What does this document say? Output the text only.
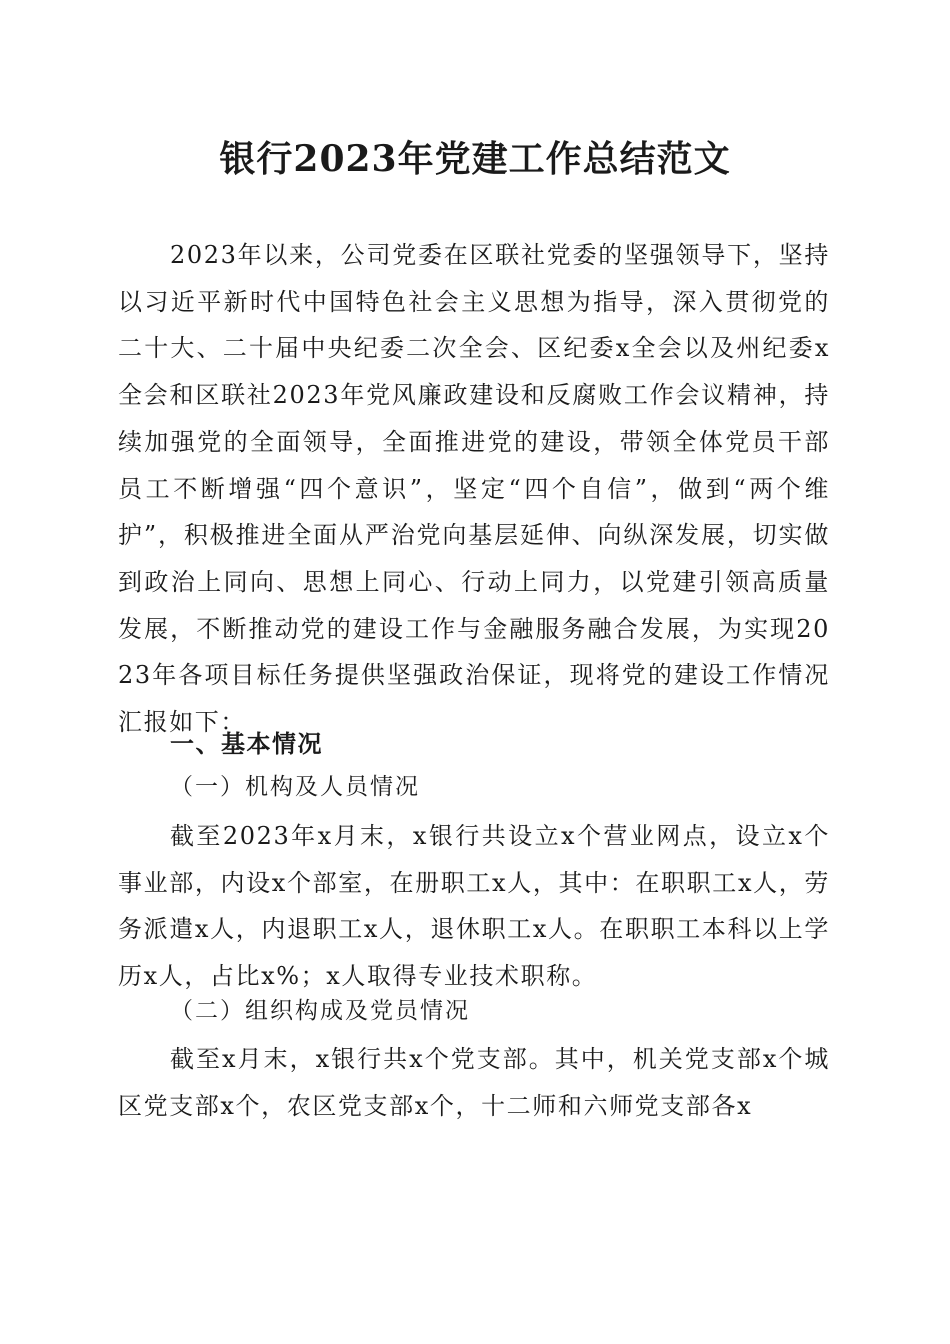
银行2023年党建工作总结范文
2023年以来，公司党委在区联社党委的坚强领导下，坚持以习近平新时代中国特色社会主义思想为指导，深入贯彻党的二十大、二十届中央纪委二次全会、区纪委x全会以及州纪委x全会和区联社2023年党风廉政建设和反腐败工作会议精神，持续加强党的全面领导，全面推进党的建设，带领全体党员干部员工不断增强“四个意识”，坚定“四个自信”，做到“两个维护”，积极推进全面从严治党向基层延伸、向纵深发展，切实做到政治上同向、思想上同心、行动上同力，以党建引领高质量发展，不断推动党的建设工作与金融服务融合发展，为实现2023年各项目标任务提供坚强政治保证，现将党的建设工作情况汇报如下：
一、基本情况
（一）机构及人员情况
截至2023年x月末，x银行共设立x个营业网点，设立x个事业部，内设x个部室，在册职工x人，其中：在职职工x人，劳务派遣x人，内退职工x人，退休职工x人。在职职工本科以上学历x人，占比x%；x人取得专业技术职称。
（二）组织构成及党员情况
截至x月末，x银行共x个党支部。其中，机关党支部x个城区党支部x个，农区党支部x个，十二师和六师党支部各x
